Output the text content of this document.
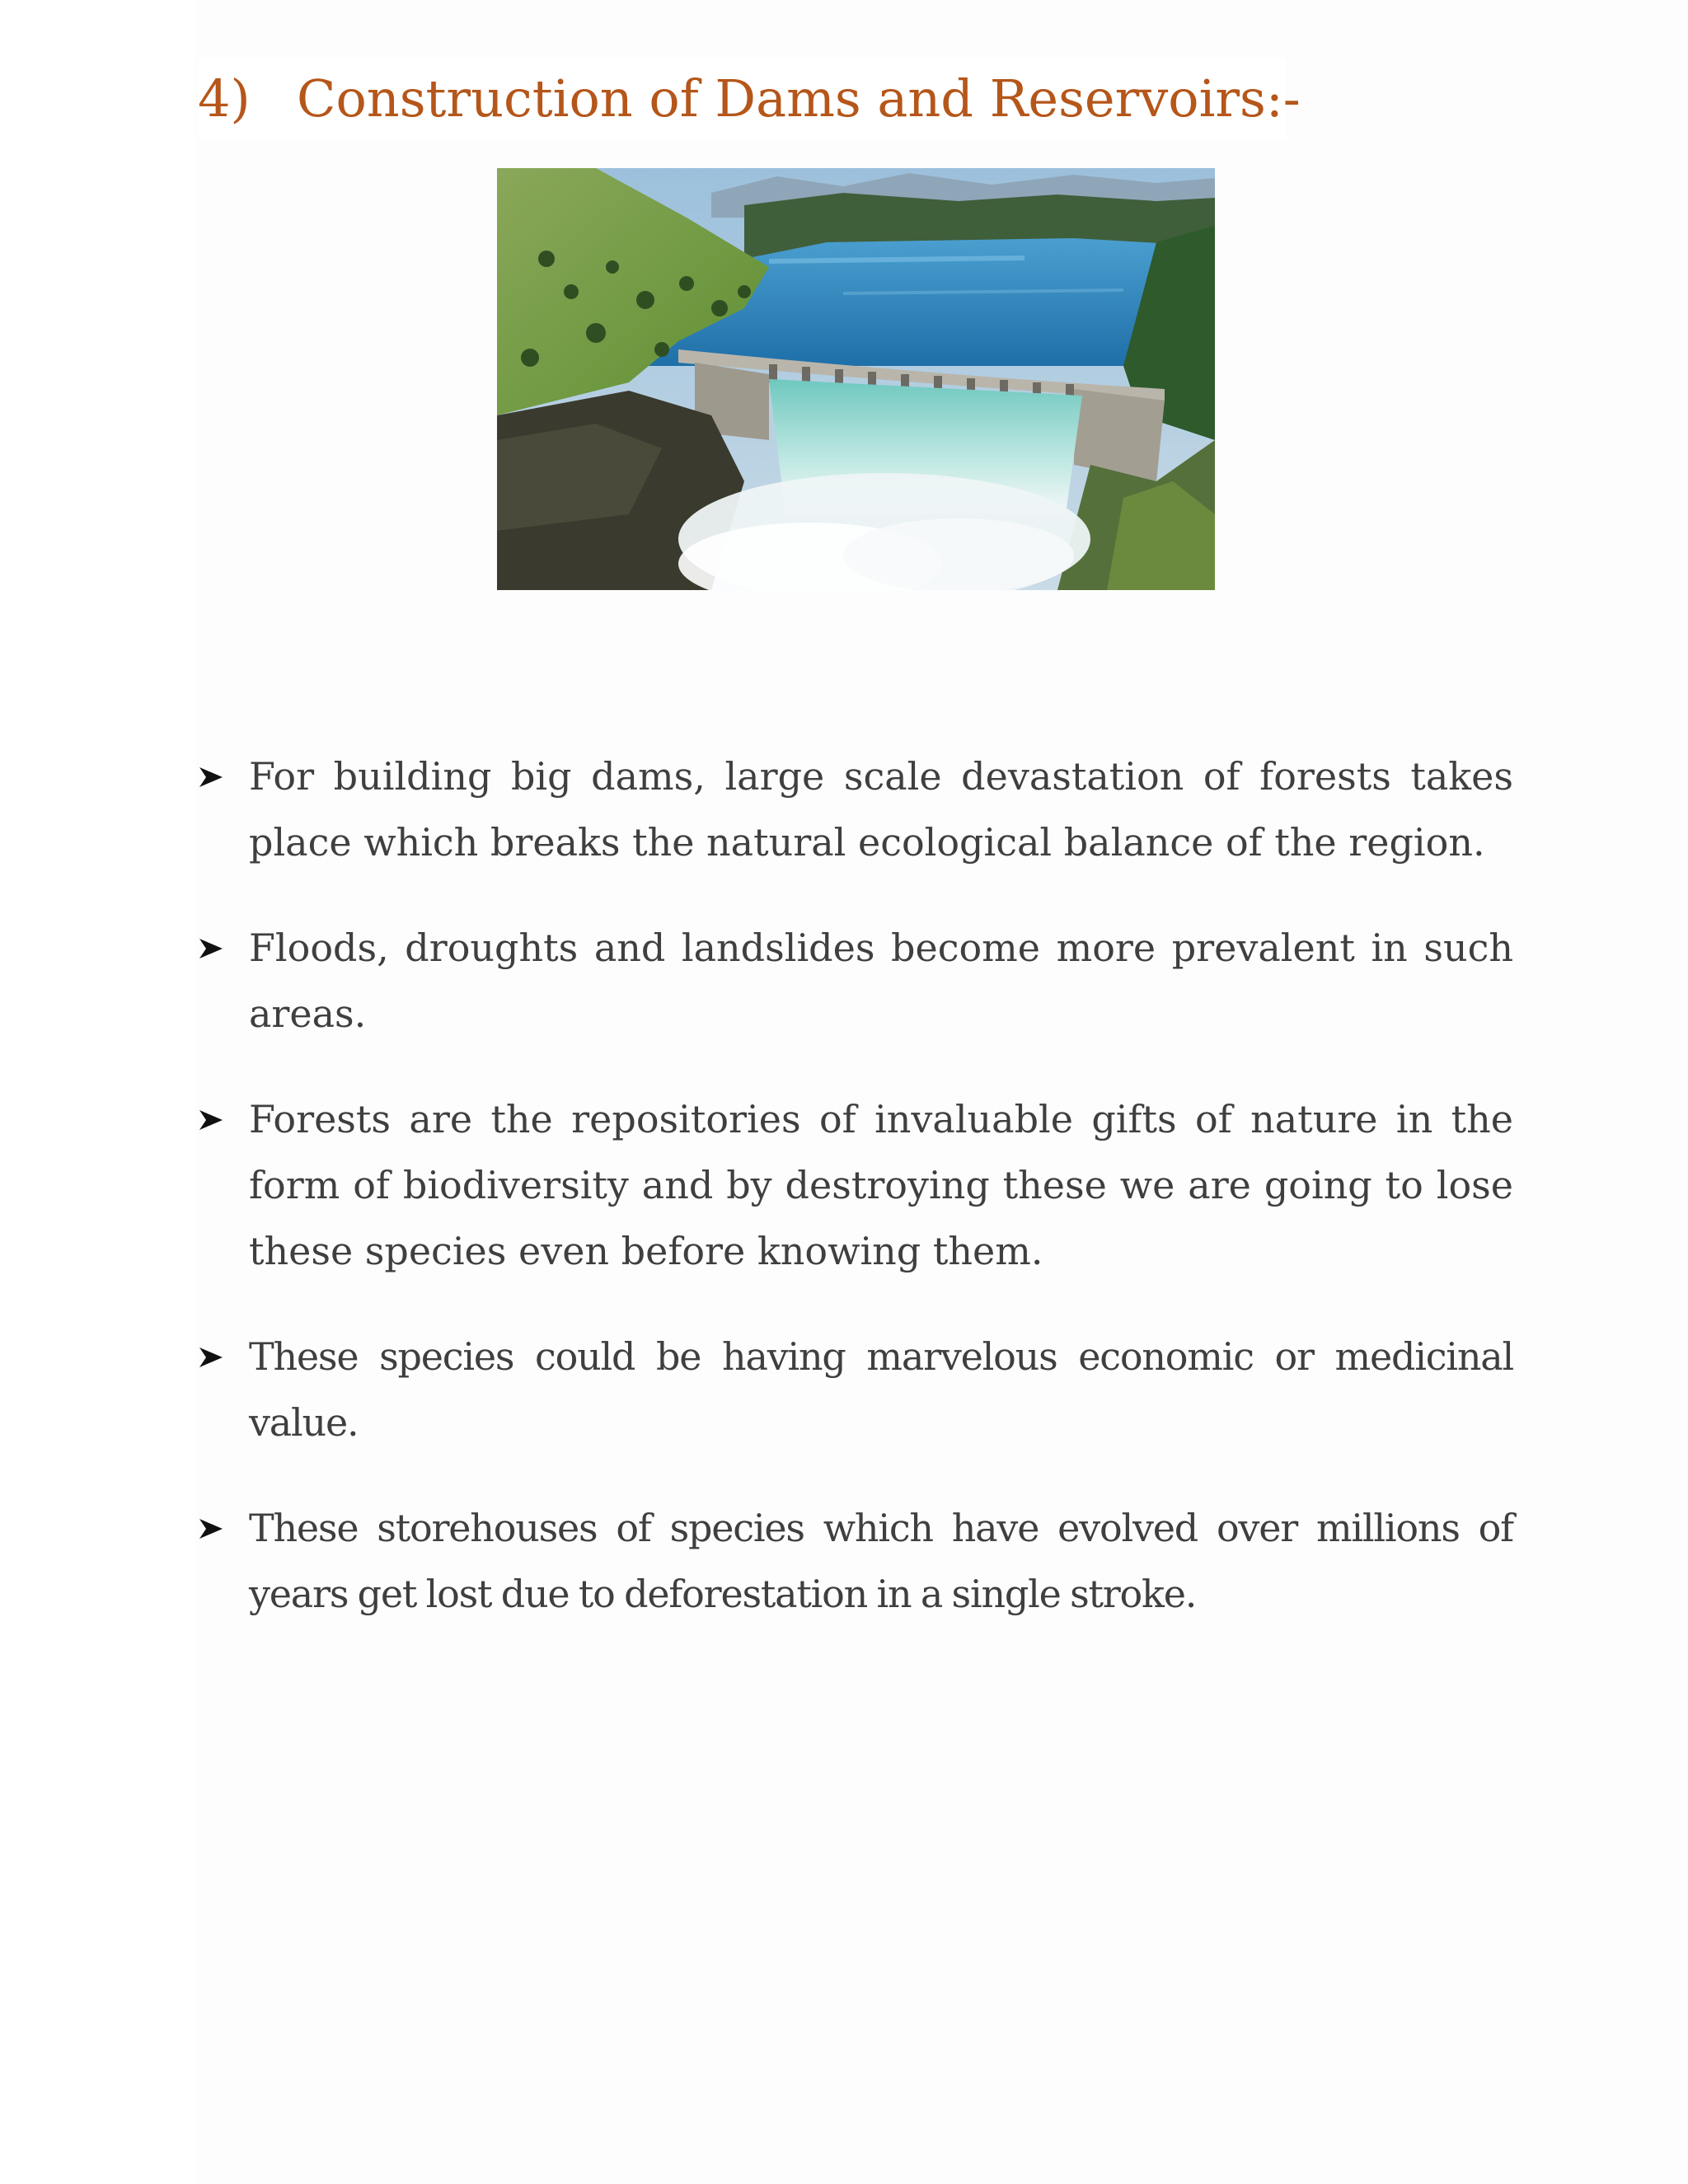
4) Construction of Dams and Reservoirs:-
For building big dams, large scale devastation of forests takes place which breaks the natural ecological balance of the region.
Floods, droughts and landslides become more prevalent in such areas.
Forests are the repositories of invaluable gifts of nature in the form of biodiversity and by destroying these we are going to lose these species even before knowing them.
These species could be having marvelous economic or medicinal value.
These storehouses of species which have evolved over millions of years get lost due to deforestation in a single stroke.
